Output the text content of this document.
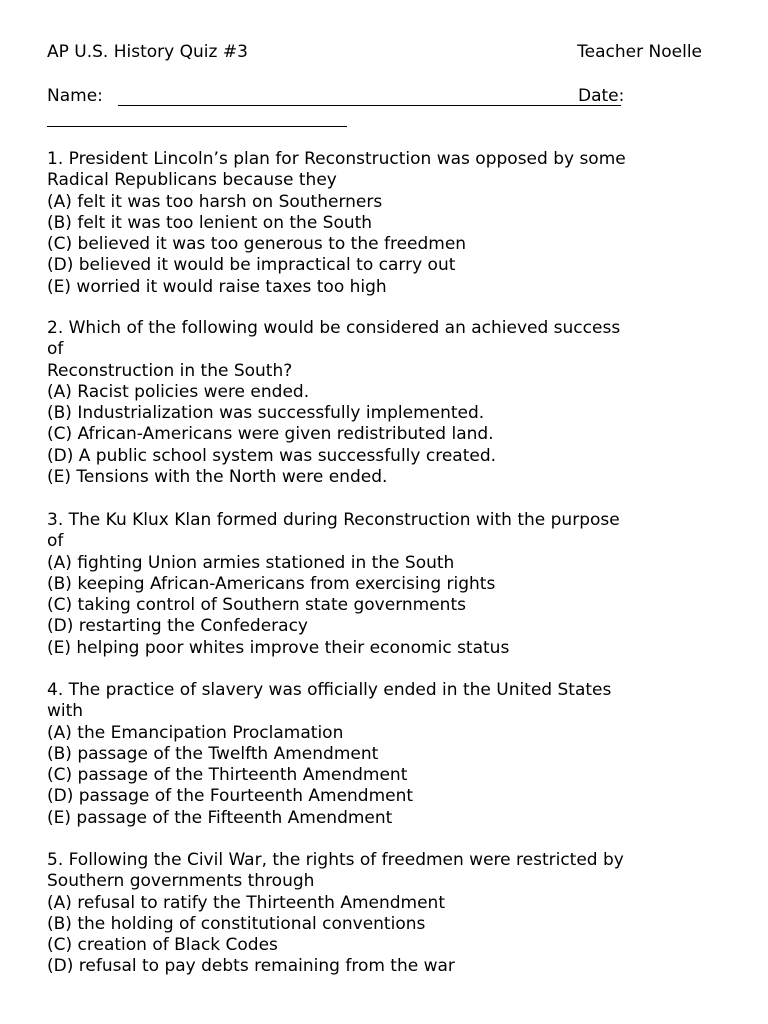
AP U.S. History Quiz #3	Teacher Noelle
Name:	Date:
1. President Lincoln’s plan for Reconstruction was opposed by some
Radical Republicans because they
(A) felt it was too harsh on Southerners
(B) felt it was too lenient on the South
(C) believed it was too generous to the freedmen
(D) believed it would be impractical to carry out
(E) worried it would raise taxes too high
2. Which of the following would be considered an achieved success
of
Reconstruction in the South?
(A) Racist policies were ended.
(B) Industrialization was successfully implemented.
(C) African-Americans were given redistributed land.
(D) A public school system was successfully created.
(E) Tensions with the North were ended.
3. The Ku Klux Klan formed during Reconstruction with the purpose
of
(A) fighting Union armies stationed in the South
(B) keeping African-Americans from exercising rights
(C) taking control of Southern state governments
(D) restarting the Confederacy
(E) helping poor whites improve their economic status
4. The practice of slavery was officially ended in the United States
with
(A) the Emancipation Proclamation
(B) passage of the Twelfth Amendment
(C) passage of the Thirteenth Amendment
(D) passage of the Fourteenth Amendment
(E) passage of the Fifteenth Amendment
5. Following the Civil War, the rights of freedmen were restricted by
Southern governments through
(A) refusal to ratify the Thirteenth Amendment
(B) the holding of constitutional conventions
(C) creation of Black Codes
(D) refusal to pay debts remaining from the war
